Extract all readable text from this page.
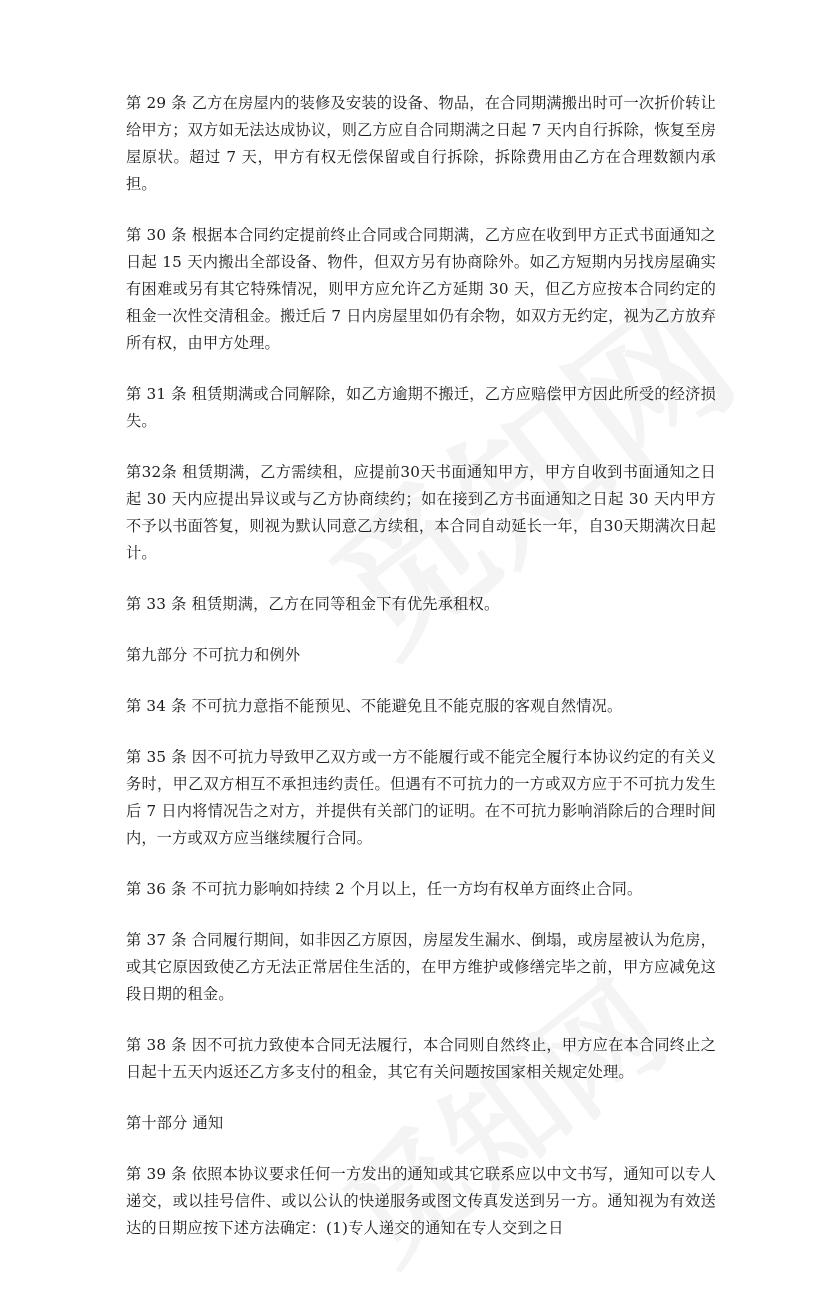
第 29 条 乙方在房屋内的装修及安装的设备、物品，在合同期满搬出时可一次折价转让给甲方；双方如无法达成协议，则乙方应自合同期满之日起 7 天内自行拆除，恢复至房屋原状。超过 7 天，甲方有权无偿保留或自行拆除，拆除费用由乙方在合理数额内承担。

第 30 条 根据本合同约定提前终止合同或合同期满，乙方应在收到甲方正式书面通知之日起 15 天内搬出全部设备、物件，但双方另有协商除外。如乙方短期内另找房屋确实有困难或另有其它特殊情况，则甲方应允许乙方延期 30 天，但乙方应按本合同约定的租金一次性交清租金。搬迁后 7 日内房屋里如仍有余物，如双方无约定，视为乙方放弃所有权，由甲方处理。

第 31 条 租赁期满或合同解除，如乙方逾期不搬迁，乙方应赔偿甲方因此所受的经济损失。

第32条 租赁期满，乙方需续租，应提前30天书面通知甲方，甲方自收到书面通知之日起 30 天内应提出异议或与乙方协商续约；如在接到乙方书面通知之日起 30 天内甲方不予以书面答复，则视为默认同意乙方续租，本合同自动延长一年，自30天期满次日起计。

第 33 条 租赁期满，乙方在同等租金下有优先承租权。

第九部分 不可抗力和例外

第 34 条 不可抗力意指不能预见、不能避免且不能克服的客观自然情况。

第 35 条 因不可抗力导致甲乙双方或一方不能履行或不能完全履行本协议约定的有关义务时，甲乙双方相互不承担违约责任。但遇有不可抗力的一方或双方应于不可抗力发生后 7 日内将情况告之对方，并提供有关部门的证明。在不可抗力影响消除后的合理时间内，一方或双方应当继续履行合同。

第 36 条 不可抗力影响如持续 2 个月以上，任一方均有权单方面终止合同。

第 37 条 合同履行期间，如非因乙方原因，房屋发生漏水、倒塌，或房屋被认为危房，或其它原因致使乙方无法正常居住生活的，在甲方维护或修缮完毕之前，甲方应减免这段日期的租金。

第 38 条 因不可抗力致使本合同无法履行，本合同则自然终止，甲方应在本合同终止之日起十五天内返还乙方多支付的租金，其它有关问题按国家相关规定处理。

第十部分 通知

第 39 条 依照本协议要求任何一方发出的通知或其它联系应以中文书写，通知可以专人递交，或以挂号信件、或以公认的快递服务或图文传真发送到另一方。通知视为有效送达的日期应按下述方法确定：(1)专人递交的通知在专人交到之日
